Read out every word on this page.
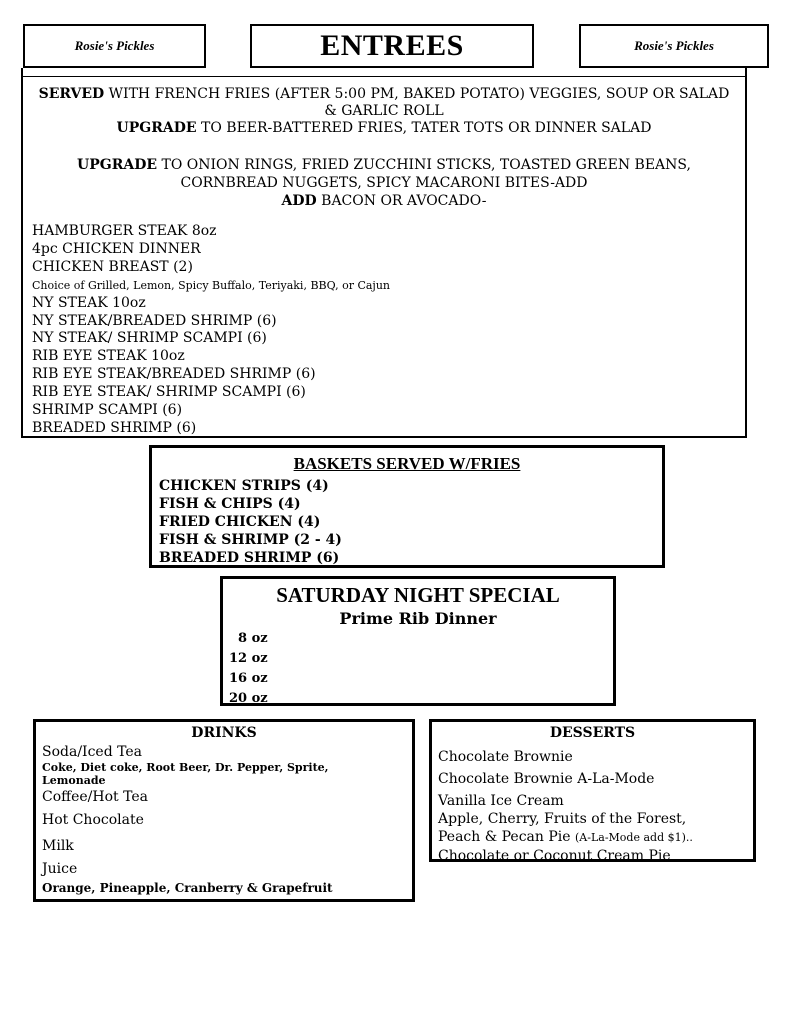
Rosie's Pickles	ENTREES	Rosie's Pickles
SERVED WITH FRENCH FRIES (AFTER 5:00 PM, BAKED POTATO) VEGGIES, SOUP OR SALAD
& GARLIC ROLL
UPGRADE TO BEER-BATTERED FRIES, TATER TOTS OR DINNER SALAD
UPGRADE TO ONION RINGS, FRIED ZUCCHINI STICKS, TOASTED GREEN BEANS,
CORNBREAD NUGGETS, SPICY MACARONI BITES-ADD
ADD BACON OR AVOCADO-
HAMBURGER STEAK 8oz
4pc CHICKEN DINNER
CHICKEN BREAST (2)
Choice of Grilled, Lemon, Spicy Buffalo, Teriyaki, BBQ, or Cajun
NY STEAK 10oz
NY STEAK/BREADED SHRIMP (6)
NY STEAK/ SHRIMP SCAMPI (6)
RIB EYE STEAK 10oz
RIB EYE STEAK/BREADED SHRIMP (6)
RIB EYE STEAK/ SHRIMP SCAMPI (6)
SHRIMP SCAMPI (6)
BREADED SHRIMP (6)
BASKETS SERVED W/FRIES
CHICKEN STRIPS (4)
FISH & CHIPS (4)
FRIED CHICKEN (4)
FISH & SHRIMP (2 - 4)
BREADED SHRIMP (6)
SATURDAY NIGHT SPECIAL
Prime Rib Dinner
8 oz
12 oz
16 oz
20 oz
DRINKS
Soda/Iced Tea
Coke, Diet coke, Root Beer, Dr. Pepper, Sprite,
Lemonade
Coffee/Hot Tea
Hot Chocolate
Milk
Juice
Orange, Pineapple, Cranberry & Grapefruit
DESSERTS
Chocolate Brownie
Chocolate Brownie A-La-Mode
Vanilla Ice Cream
Apple, Cherry, Fruits of the Forest,
Peach & Pecan Pie (A-La-Mode add $1)..
Chocolate or Coconut Cream Pie
